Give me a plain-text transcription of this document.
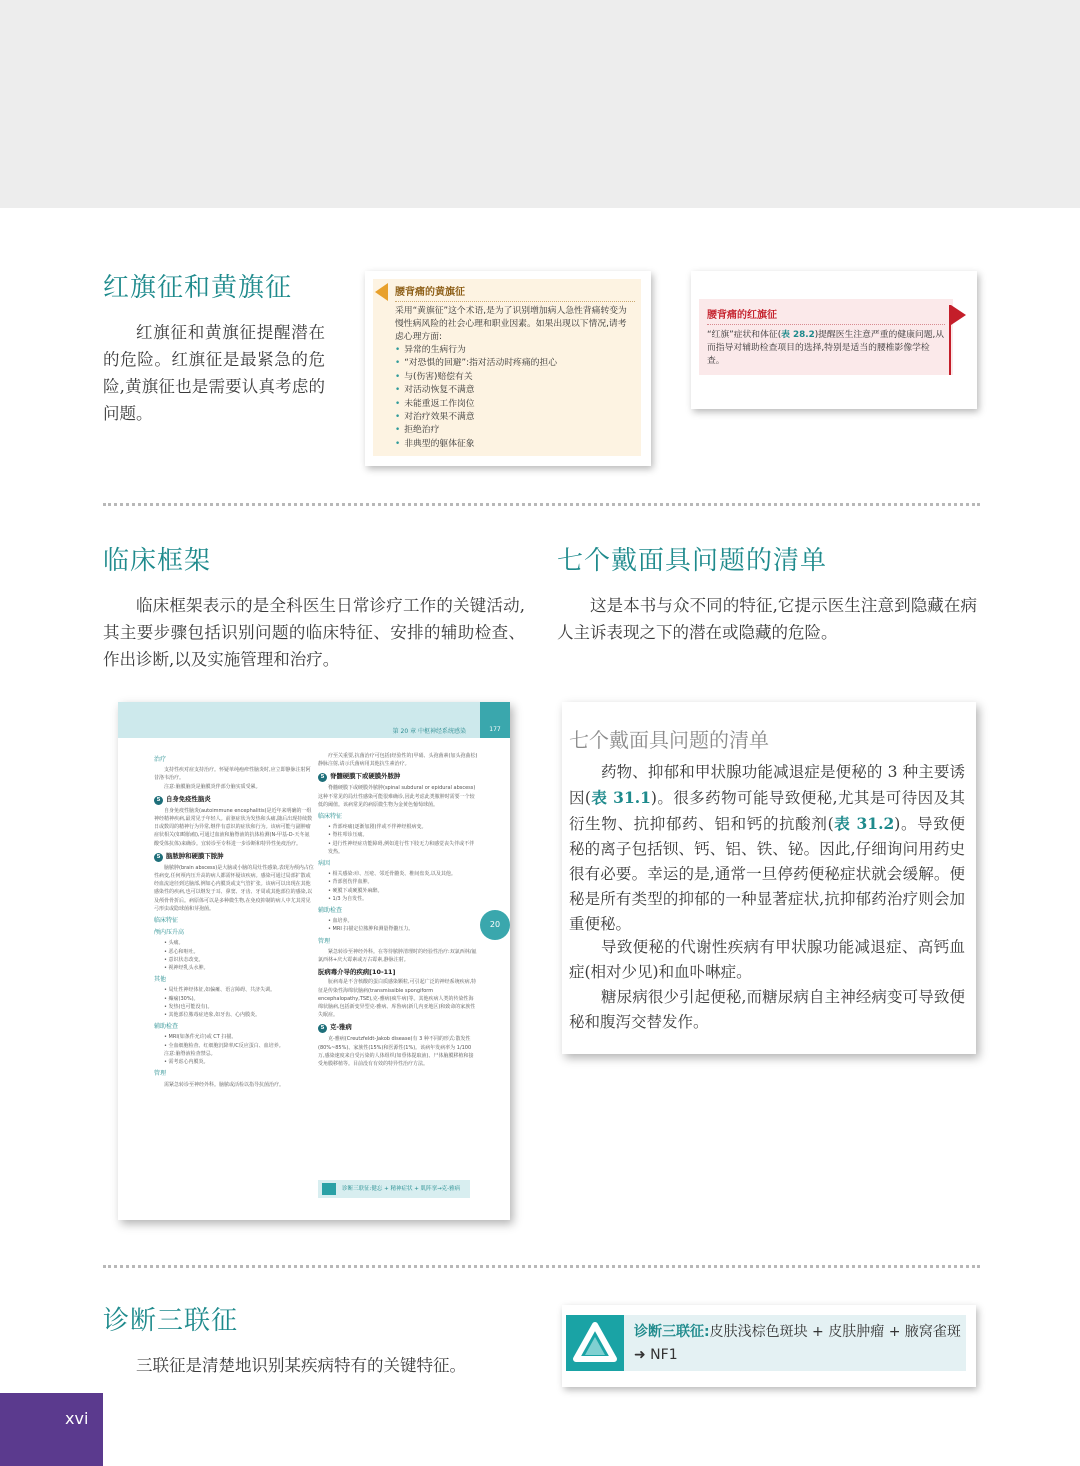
红旗征和黄旗征
红旗征和黄旗征提醒潜在的危险。红旗征是最紧急的危险,黄旗征也是需要认真考虑的问题。
腰背痛的黄旗征
采用“黄旗征”这个术语,是为了识别增加病人急性背痛转变为慢性病风险的社会心理和职业因素。如果出现以下情况,请考虑心理方面:
• 异常的生病行为
• “对恐惧的回避”:指对活动时疼痛的担心
• 与(伤害)赔偿有关
• 对活动恢复不满意
• 未能重返工作岗位
• 对治疗效果不满意
• 拒绝治疗
• 非典型的躯体征象
腰背痛的红旗征
“红旗”症状和体征(表 28.2)提醒医生注意严重的健康问题,从而指导对辅助检查项目的选择,特别是适当的腰椎影像学检查。
临床框架
临床框架表示的是全科医生日常诊疗工作的关键活动,其主要步骤包括识别问题的临床特征、安排的辅助检查、作出诊断,以及实施管理和治疗。
七个戴面具问题的清单
这是本书与众不同的特征,它提示医生注意到隐藏在病人主诉表现之下的潜在或隐藏的危险。
第 20 章 中枢神经系统感染	177
治疗
支持性疾对症支持治疗。怀疑单纯疱疹性脑炎时,应立即静脉注射阿昔洛韦治疗。
注意:脑膜脑炎是脑膜炎伴部分脑实质受累。
5 自身免疫性脑炎
自身免疫性脑炎(autoimmune encephalitis)是近年来明确的一组神经精神疾病,最常见于年轻人。前驱症状为发热和头痛,随后出现持续数日或数周的精神行为异常,继伴有意识的症状和行为。该病可能与副肿瘤症状相关(如畸胎瘤),可通过血液和脑脊液的抗体检测(N-甲基-D-天冬氨酸受体抗体)来确诊。宜转诊至专科进一步诊断和特异性免疫治疗。
5 脑脓肿和硬膜下脓肿
脑脓肿(brain abscess)是大脑或小脑的局灶性感染,表现为颅内占位性病变,任何颅内压升高的病人都需怀疑该疾病。感染可通过局部扩散或经血流途径到达脑部,例如心内膜炎或支气管扩张。该病可以出现在其他感染性的疾病,也可以继发于耳、鼻窦、牙齿、牙周或其他部位的感染,以及颅骨骨折后。病原体可以是多种微生物,在免疫抑制的病人中尤其常见弓形虫或隐球菌和芽孢菌。
临床特征
颅内压升高
• 头痛。
• 恶心和呕吐。
• 意识状态改变。
• 视神经乳头水肿。
其他
• 局灶性神经体征,如偏瘫、语言障碍、共济失调。
• 癫痫(30%)。
• 发热(也可能没有)。
• 其他部位脓毒症迹象,如牙齿、心内膜炎。
辅助检查
• MRI(如条件允许)或 CT 扫描。
• 全血细胞检查、红细胞沉降率/C反应蛋白、血培养。
注意:脑脊液检查禁忌。
• 需考虑心内膜炎。
管理
需紧急转诊至神经外科。脑脓或活检以指导抗菌治疗。
疗至关重要,抗菌治疗可包括(经验性的)甲硝、头孢菌素(加头孢曲松)静脉注射,请示氏菌病用其他抗生素治疗。
5 脊髓硬膜下或硬膜外脓肿
脊髓硬膜下或硬膜外脓肿(spinal subdural or epidural abscess)这种不常见的局灶性感染可能很难确诊,因此考虑此类脓肿时需要一个较低的阈值。该病常见的病原微生物为金黄色葡萄球菌。
临床特征
• 背部疼痛(逐渐加剧)伴或不伴神经根病变。
• 脊柱叩诊压痛。
• 进行性神经症功能障碍,例如进行性下肢无力和感觉丧失伴或不伴发热。
病因
• 相关感染:疖、压疮、邻近骨髓炎、椎间盘炎,以及其他。
• 背部创伤伴血肿。
• 硬膜下或硬膜外麻醉。
• 1/3 为自发性。
辅助检查
• 血培养。
• MRI 扫描定位脓肿和测量脊髓压力。
管理
紧急转诊至神经外科。在等待脓肿清理时的经验性治疗:双氯西林/氟氯西林+庆大霉素或万古霉素,静脉注射。
朊病毒介导的疾病[10-11]
朊病毒是不含核酸的蛋白质感染颗粒,可引起广泛的神经系统疾病,特征是传染性海绵状脑病(transmissible spongiform encephalopathy,TSE),克-雅病(疯牛病)等。其他疾病人类的传染性海绵状脑病,包括新变异型克-雅病、库鲁病(新几内亚地区)和致命的家族性失眠症。
5 克-雅病
克-雅病(Creutzfeldt-Jakob disease)有 3 种不同的形式:散发性(80%~85%)、家族性(15%)和医源性(1%)。该病年发病率为 1/100 万,感染速度来自受污染的人体组织(如垂体提取液)、尸体脑膜移植和接受角膜移植等。目前没有有效的特异性治疗方法。
20
诊断三联征:健忘 + 精神症状 + 肌阵挛→克-雅病
七个戴面具问题的清单
药物、抑郁和甲状腺功能减退症是便秘的 3 种主要诱因(表 31.1)。很多药物可能导致便秘,尤其是可待因及其衍生物、抗抑郁药、铝和钙的抗酸剂(表 31.2)。导致便秘的离子包括钡、钙、铝、铁、铋。因此,仔细询问用药史很有必要。幸运的是,通常一旦停药便秘症状就会缓解。便秘是所有类型的抑郁的一种显著症状,抗抑郁药治疗则会加重便秘。
导致便秘的代谢性疾病有甲状腺功能减退症、高钙血症(相对少见)和血卟啉症。
糖尿病很少引起便秘,而糖尿病自主神经病变可导致便秘和腹泻交替发作。
诊断三联征
三联征是清楚地识别某疾病特有的关键特征。
诊断三联征:皮肤浅棕色斑块 + 皮肤肿瘤 + 腋窝雀斑➜ NF1
xvi
